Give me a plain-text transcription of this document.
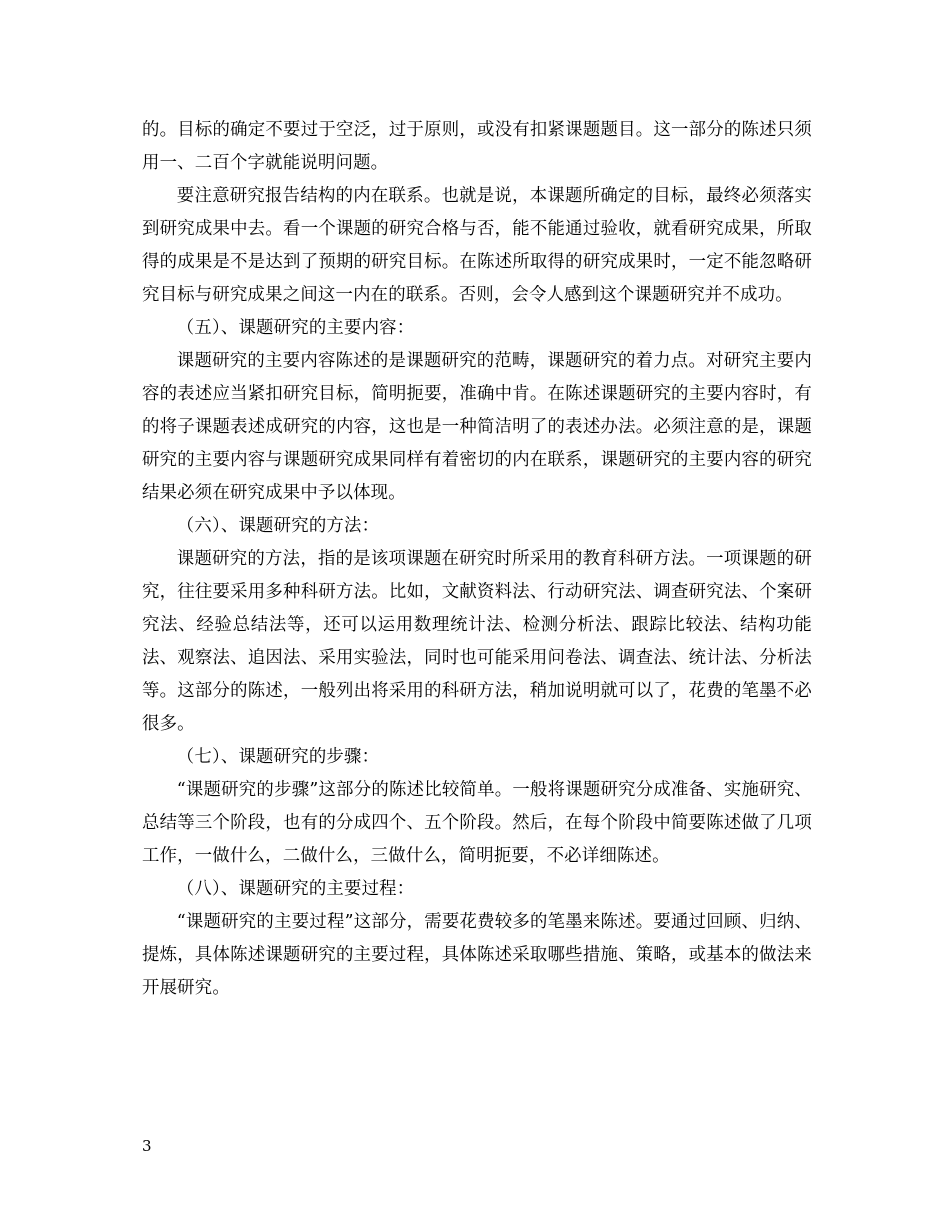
的。目标的确定不要过于空泛，过于原则，或没有扣紧课题题目。这一部分的陈述只须用一、二百个字就能说明问题。

要注意研究报告结构的内在联系。也就是说，本课题所确定的目标，最终必须落实到研究成果中去。看一个课题的研究合格与否，能不能通过验收，就看研究成果，所取得的成果是不是达到了预期的研究目标。在陈述所取得的研究成果时，一定不能忽略研究目标与研究成果之间这一内在的联系。否则，会令人感到这个课题研究并不成功。

（五）、课题研究的主要内容：

课题研究的主要内容陈述的是课题研究的范畴，课题研究的着力点。对研究主要内容的表述应当紧扣研究目标，简明扼要，准确中肯。在陈述课题研究的主要内容时，有的将子课题表述成研究的内容，这也是一种简洁明了的表述办法。必须注意的是，课题研究的主要内容与课题研究成果同样有着密切的内在联系，课题研究的主要内容的研究结果必须在研究成果中予以体现。

（六）、课题研究的方法：

课题研究的方法，指的是该项课题在研究时所采用的教育科研方法。一项课题的研究，往往要采用多种科研方法。比如，文献资料法、行动研究法、调查研究法、个案研究法、经验总结法等，还可以运用数理统计法、检测分析法、跟踪比较法、结构功能法、观察法、追因法、采用实验法，同时也可能采用问卷法、调查法、统计法、分析法等。这部分的陈述，一般列出将采用的科研方法，稍加说明就可以了，花费的笔墨不必很多。

（七）、课题研究的步骤：

“课题研究的步骤”这部分的陈述比较简单。一般将课题研究分成准备、实施研究、总结等三个阶段，也有的分成四个、五个阶段。然后，在每个阶段中简要陈述做了几项工作，一做什么，二做什么，三做什么，简明扼要，不必详细陈述。

（八）、课题研究的主要过程：

“课题研究的主要过程”这部分，需要花费较多的笔墨来陈述。要通过回顾、归纳、提炼，具体陈述课题研究的主要过程，具体陈述采取哪些措施、策略，或基本的做法来开展研究。

3
